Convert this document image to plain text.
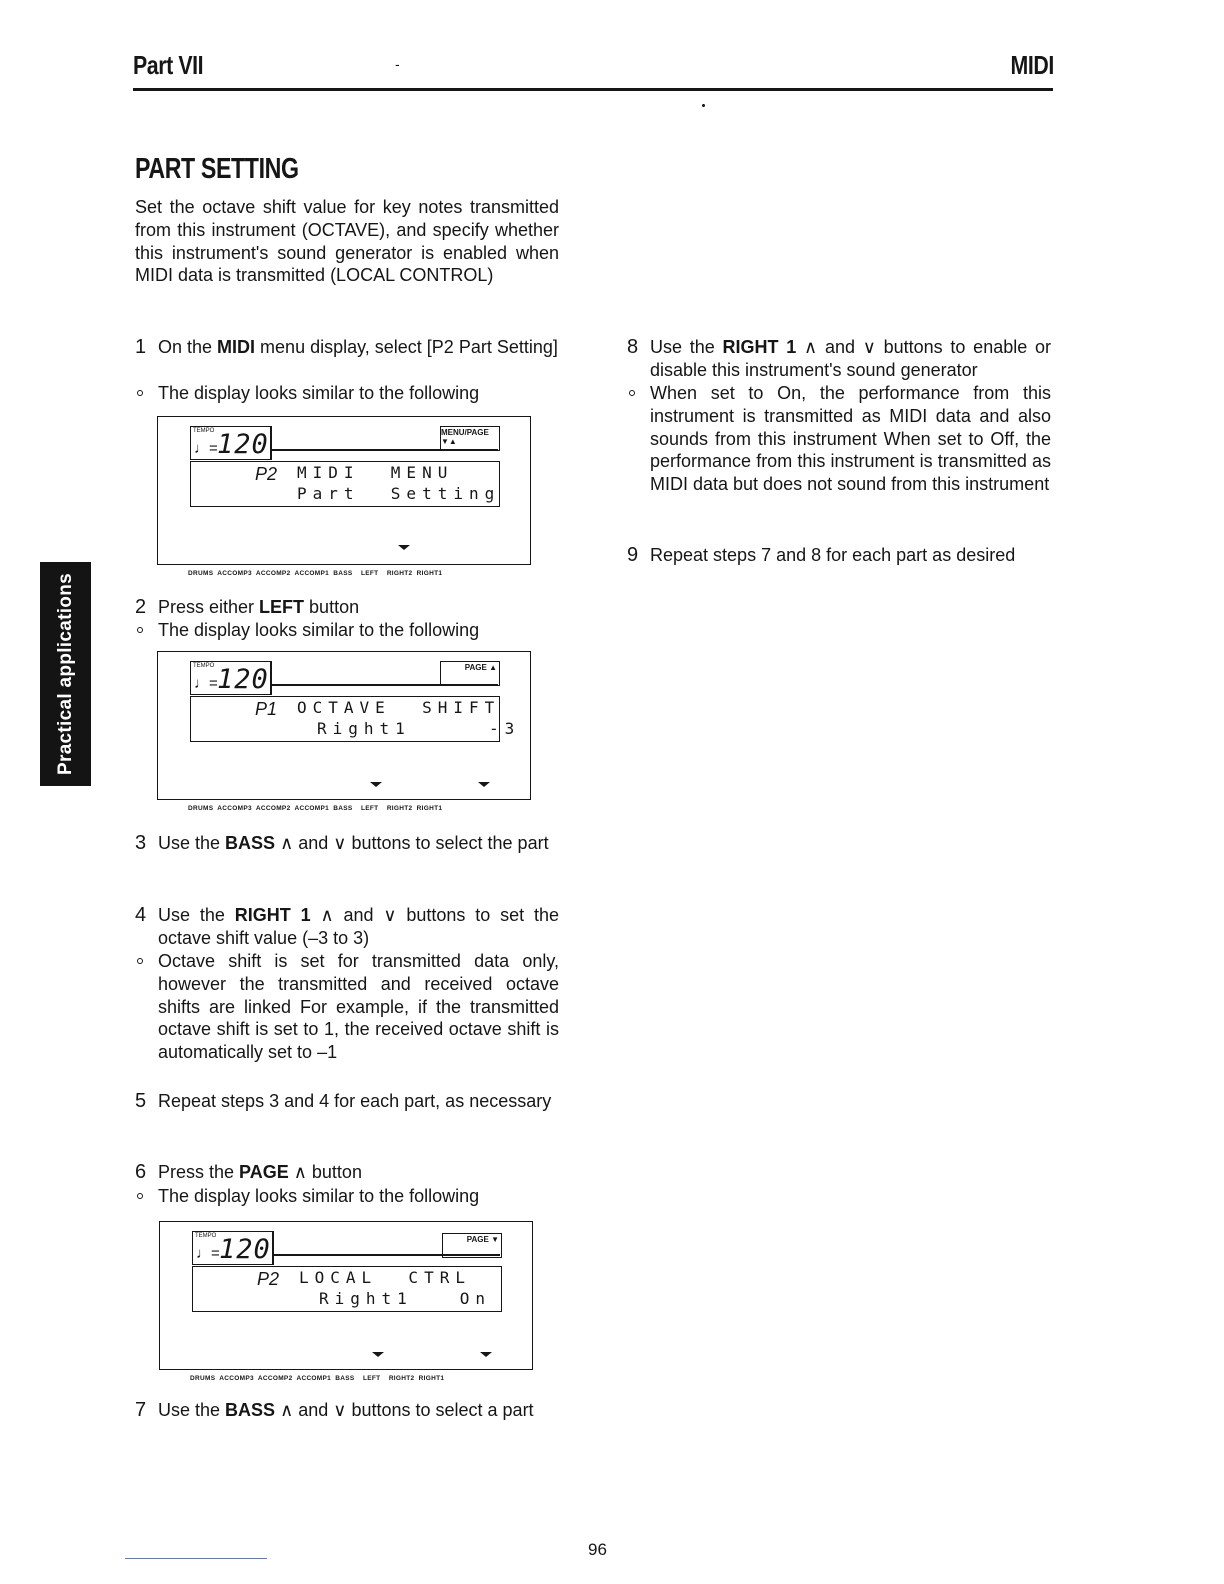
Part VII	-	MIDI
PART SETTING
Set the octave shift value for key notes transmitted from this instrument (OCTAVE), and specify whether this instrument's sound generator is enabled when MIDI data is transmitted (LOCAL CONTROL)
1 On the MIDI menu display, select [P2 Part Setting]
The display looks similar to the following
TEMPO
♩= 120	MENU/PAGE ▼▲
P2 MIDI  MENU
Part  Setting
DRUMS  ACCOMP3  ACCOMP2  ACCOMP1  BASS    LEFT    RIGHT2  RIGHT1
2 Press either LEFT button
The display looks similar to the following
TEMPO
♩= 120	PAGE ▲
P1 OCTAVE  SHIFT
Right1     -3
DRUMS  ACCOMP3  ACCOMP2  ACCOMP1  BASS    LEFT    RIGHT2  RIGHT1
3 Use the BASS ∧ and ∨ buttons to select the part
4 Use the RIGHT 1 ∧ and ∨ buttons to set the octave shift value (–3 to 3)
Octave shift is set for transmitted data only, however the transmitted and received octave shifts are linked For example, if the transmitted octave shift is set to 1, the received octave shift is automatically set to –1
5 Repeat steps 3 and 4 for each part, as necessary
6 Press the PAGE ∧ button
The display looks similar to the following
TEMPO
♩= 120	PAGE ▼
P2 LOCAL  CTRL
Right1   On
DRUMS  ACCOMP3  ACCOMP2  ACCOMP1  BASS    LEFT    RIGHT2  RIGHT1
7 Use the BASS ∧ and ∨ buttons to select a part
8 Use the RIGHT 1 ∧ and ∨ buttons to enable or disable this instrument's sound generator
When set to On, the performance from this instrument is transmitted as MIDI data and also sounds from this instrument When set to Off, the performance from this instrument is transmitted as MIDI data but does not sound from this instrument
9 Repeat steps 7 and 8 for each part as desired
Practical applications
96
